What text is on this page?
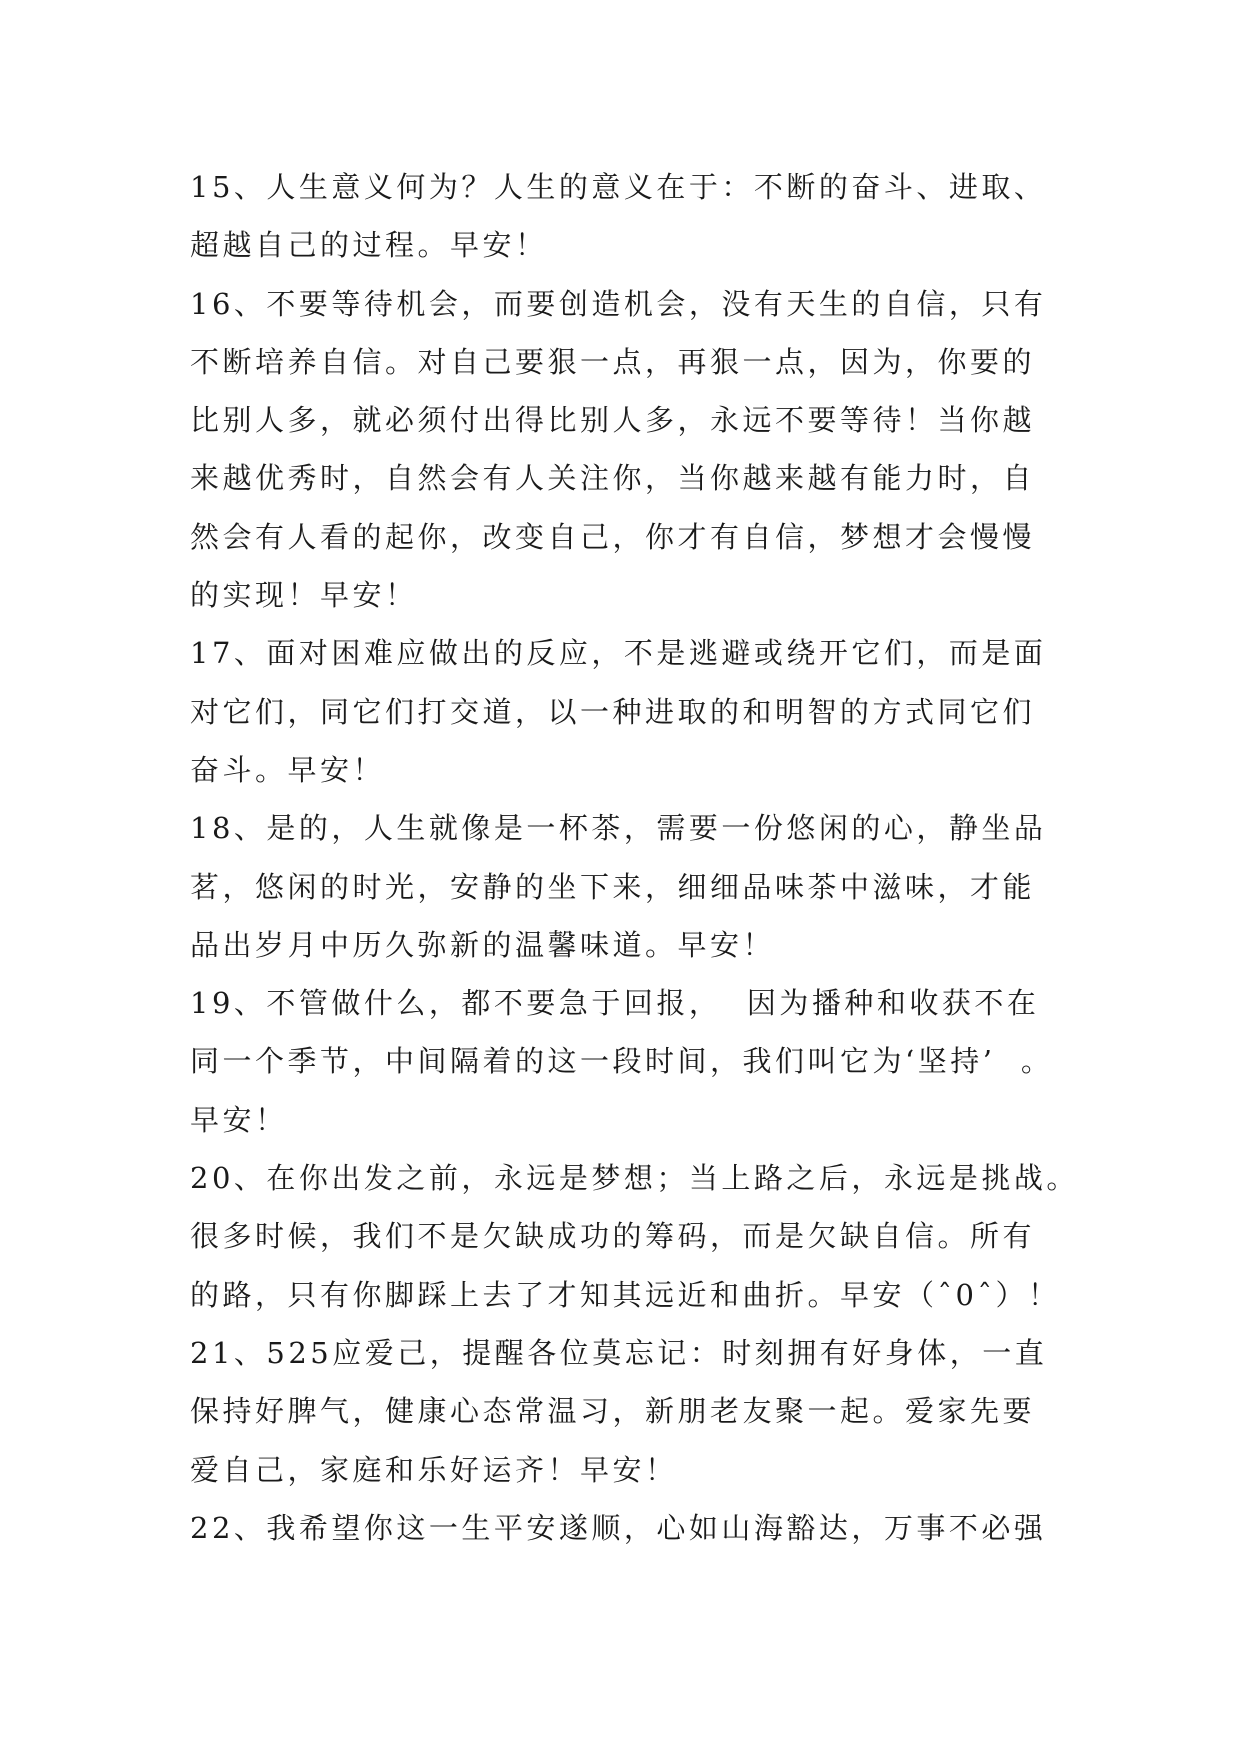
15、人生意义何为？人生的意义在于：不断的奋斗、进取、
超越自己的过程。早安！
16、不要等待机会，而要创造机会，没有天生的自信，只有
不断培养自信。对自己要狠一点，再狠一点，因为，你要的
比别人多，就必须付出得比别人多，永远不要等待！当你越
来越优秀时，自然会有人关注你，当你越来越有能力时，自
然会有人看的起你，改变自己，你才有自信，梦想才会慢慢
的实现！早安！
17、面对困难应做出的反应，不是逃避或绕开它们，而是面
对它们，同它们打交道，以一种进取的和明智的方式同它们
奋斗。早安！
18、是的，人生就像是一杯茶，需要一份悠闲的心，静坐品
茗，悠闲的时光，安静的坐下来，细细品味茶中滋味，才能
品出岁月中历久弥新的温馨味道。早安！
19、不管做什么，都不要急于回报，  因为播种和收获不在
同一个季节，中间隔着的这一段时间，我们叫它为‘坚持’  。
早安！
20、在你出发之前，永远是梦想；当上路之后，永远是挑战。
很多时候，我们不是欠缺成功的筹码，而是欠缺自信。所有
的路，只有你脚踩上去了才知其远近和曲折。早安（ˆ0ˆ）！
21、525应爱己，提醒各位莫忘记：时刻拥有好身体，一直
保持好脾气，健康心态常温习，新朋老友聚一起。爱家先要
爱自己，家庭和乐好运齐！早安！
22、我希望你这一生平安遂顺，心如山海豁达，万事不必强
